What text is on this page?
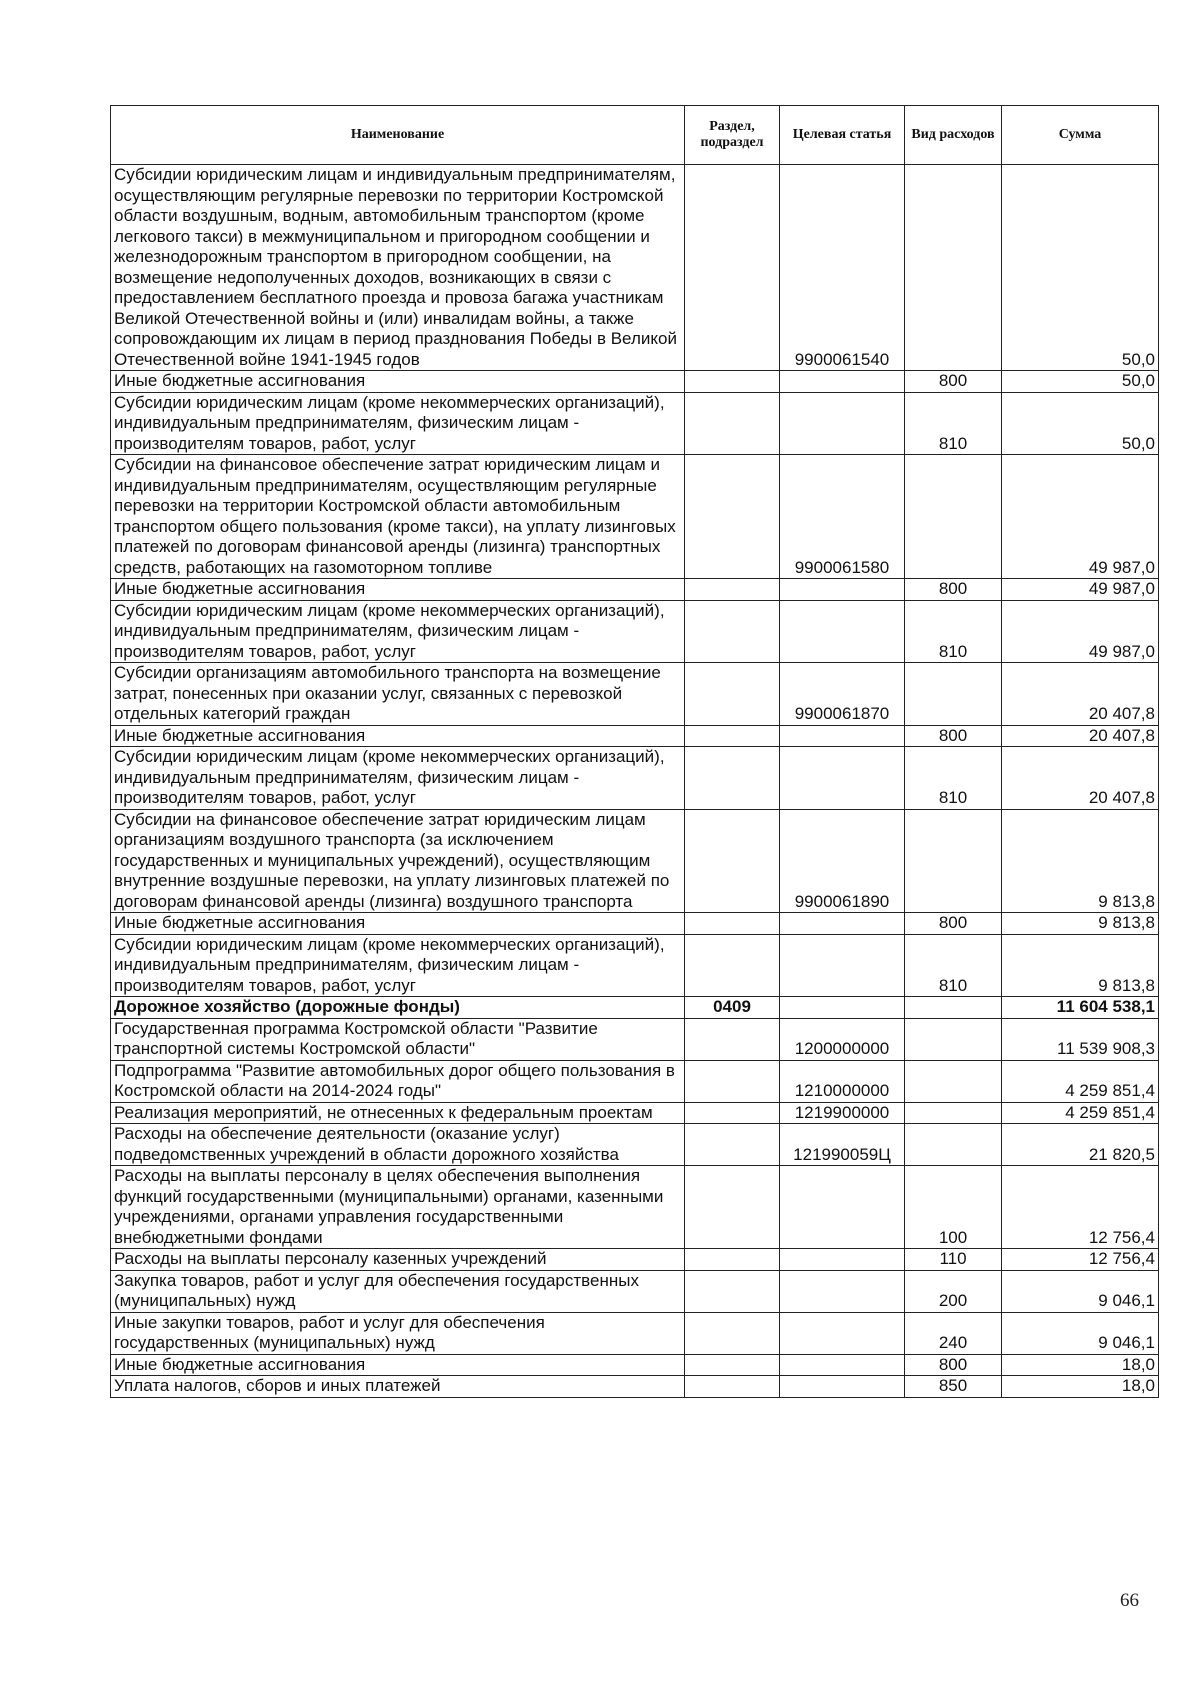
Наименование	Раздел, подраздел	Целевая статья	Вид расходов	Сумма
Субсидии юридическим лицам и индивидуальным предпринимателям, осуществляющим регулярные перевозки по территории Костромской области воздушным, водным, автомобильным транспортом (кроме легкового такси) в межмуниципальном и пригородном сообщении и железнодорожным транспортом в пригородном сообщении, на возмещение недополученных доходов, возникающих в связи с предоставлением бесплатного проезда и провоза багажа участникам Великой Отечественной войны и (или) инвалидам войны, а также сопровождающим их лицам в период празднования Победы в Великой Отечественной войне 1941-1945 годов		9900061540		50,0
Иные бюджетные ассигнования			800	50,0
Субсидии юридическим лицам (кроме некоммерческих организаций), индивидуальным предпринимателям, физическим лицам - производителям товаров, работ, услуг			810	50,0
Субсидии на финансовое обеспечение затрат юридическим лицам и индивидуальным предпринимателям, осуществляющим регулярные перевозки на территории Костромской области автомобильным транспортом общего пользования (кроме такси), на уплату лизинговых платежей по договорам финансовой аренды (лизинга) транспортных средств, работающих на газомоторном топливе		9900061580		49 987,0
Иные бюджетные ассигнования			800	49 987,0
Субсидии юридическим лицам (кроме некоммерческих организаций), индивидуальным предпринимателям, физическим лицам - производителям товаров, работ, услуг			810	49 987,0
Субсидии организациям автомобильного транспорта на возмещение затрат, понесенных при оказании услуг, связанных с перевозкой отдельных категорий граждан		9900061870		20 407,8
Иные бюджетные ассигнования			800	20 407,8
Субсидии юридическим лицам (кроме некоммерческих организаций), индивидуальным предпринимателям, физическим лицам - производителям товаров, работ, услуг			810	20 407,8
Субсидии на финансовое обеспечение затрат юридическим лицам организациям воздушного транспорта (за исключением государственных и муниципальных учреждений), осуществляющим внутренние воздушные перевозки, на уплату лизинговых платежей по договорам финансовой аренды (лизинга) воздушного транспорта		9900061890		9 813,8
Иные бюджетные ассигнования			800	9 813,8
Субсидии юридическим лицам (кроме некоммерческих организаций), индивидуальным предпринимателям, физическим лицам - производителям товаров, работ, услуг			810	9 813,8
Дорожное хозяйство (дорожные фонды)	0409			11 604 538,1
Государственная программа Костромской области "Развитие транспортной системы Костромской области"		1200000000		11 539 908,3
Подпрограмма "Развитие автомобильных дорог общего пользования в Костромской области на 2014-2024 годы"		1210000000		4 259 851,4
Реализация мероприятий, не отнесенных к федеральным проектам		1219900000		4 259 851,4
Расходы на обеспечение деятельности (оказание услуг) подведомственных учреждений в области дорожного хозяйства		121990059Ц		21 820,5
Расходы на выплаты персоналу в целях обеспечения выполнения функций государственными (муниципальными) органами, казенными учреждениями, органами управления государственными внебюджетными фондами			100	12 756,4
Расходы на выплаты персоналу казенных учреждений			110	12 756,4
Закупка товаров, работ и услуг для обеспечения государственных (муниципальных) нужд			200	9 046,1
Иные закупки товаров, работ и услуг для обеспечения государственных (муниципальных) нужд			240	9 046,1
Иные бюджетные ассигнования			800	18,0
Уплата налогов, сборов и иных платежей			850	18,0
66
